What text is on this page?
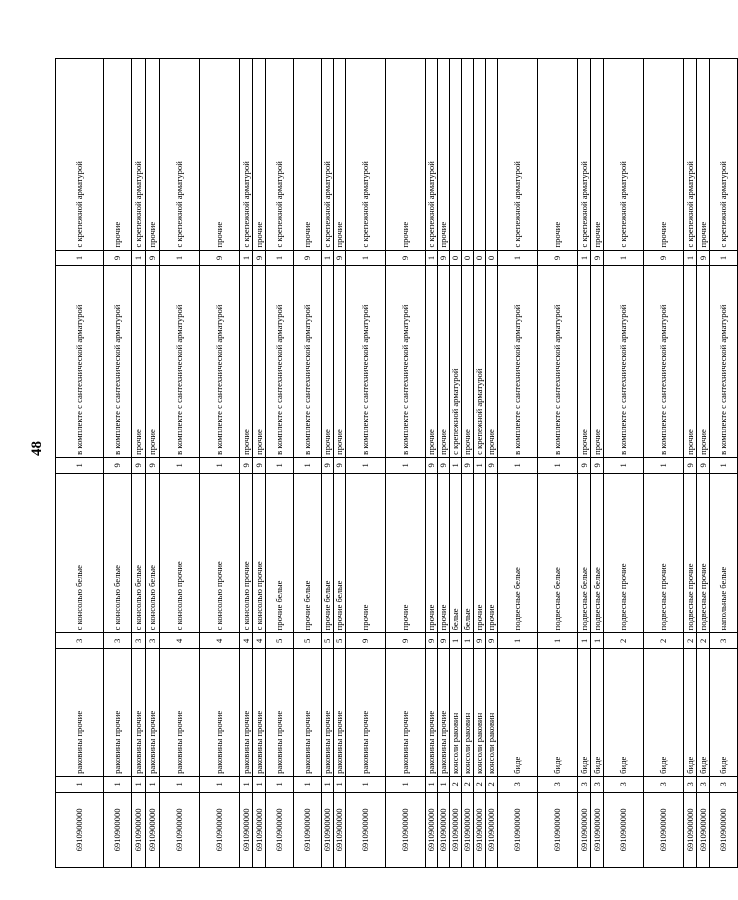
48
6910900000	1	раковины прочие	3	с консолью белые	1	в комплекте с сантехнической арматурой	1	с крепежной арматурой
6910900000	1	раковины прочие	3	с консолью белые	9	в комплекте с сантехнической арматурой	9	прочие
6910900000	1	раковины прочие	3	с консолью белые	9	прочие	1	с крепежной арматурой
6910900000	1	раковины прочие	3	с консолью белые	9	прочие	9	прочие
6910900000	1	раковины прочие	4	с консолью прочие	1	в комплекте с сантехнической арматурой	1	с крепежной арматурой
6910900000	1	раковины прочие	4	с консолью прочие	1	в комплекте с сантехнической арматурой	9	прочие
6910900000	1	раковины прочие	4	с консолью прочие	9	прочие	1	с крепежной арматурой
6910900000	1	раковины прочие	4	с консолью прочие	9	прочие	9	прочие
6910900000	1	раковины прочие	5	прочие белые	1	в комплекте с сантехнической арматурой	1	с крепежной арматурой
6910900000	1	раковины прочие	5	прочие белые	1	в комплекте с сантехнической арматурой	9	прочие
6910900000	1	раковины прочие	5	прочие белые	9	прочие	1	с крепежной арматурой
6910900000	1	раковины прочие	5	прочие белые	9	прочие	9	прочие
6910900000	1	раковины прочие	9	прочие	1	в комплекте с сантехнической арматурой	1	с крепежной арматурой
6910900000	1	раковины прочие	9	прочие	1	в комплекте с сантехнической арматурой	9	прочие
6910900000	1	раковины прочие	9	прочие	9	прочие	1	с крепежной арматурой
6910900000	1	раковины прочие	9	прочие	9	прочие	9	прочие
6910900000	2	консоли раковин	1	белые	1	с крепежной арматурой	0	
6910900000	2	консоли раковин	1	белые	9	прочие	0	
6910900000	2	консоли раковин	9	прочие	1	с крепежной арматурой	0	
6910900000	2	консоли раковин	9	прочие	9	прочие	0	
6910900000	3	биде	1	подвесные белые	1	в комплекте с сантехнической арматурой	1	с крепежной арматурой
6910900000	3	биде	1	подвесные белые	1	в комплекте с сантехнической арматурой	9	прочие
6910900000	3	биде	1	подвесные белые	9	прочие	1	с крепежной арматурой
6910900000	3	биде	1	подвесные белые	9	прочие	9	прочие
6910900000	3	биде	2	подвесные прочие	1	в комплекте с сантехнической арматурой	1	с крепежной арматурой
6910900000	3	биде	2	подвесные прочие	1	в комплекте с сантехнической арматурой	9	прочие
6910900000	3	биде	2	подвесные прочие	9	прочие	1	с крепежной арматурой
6910900000	3	биде	2	подвесные прочие	9	прочие	9	прочие
6910900000	3	биде	3	напольные белые	1	в комплекте с сантехнической арматурой	1	с крепежной арматурой
